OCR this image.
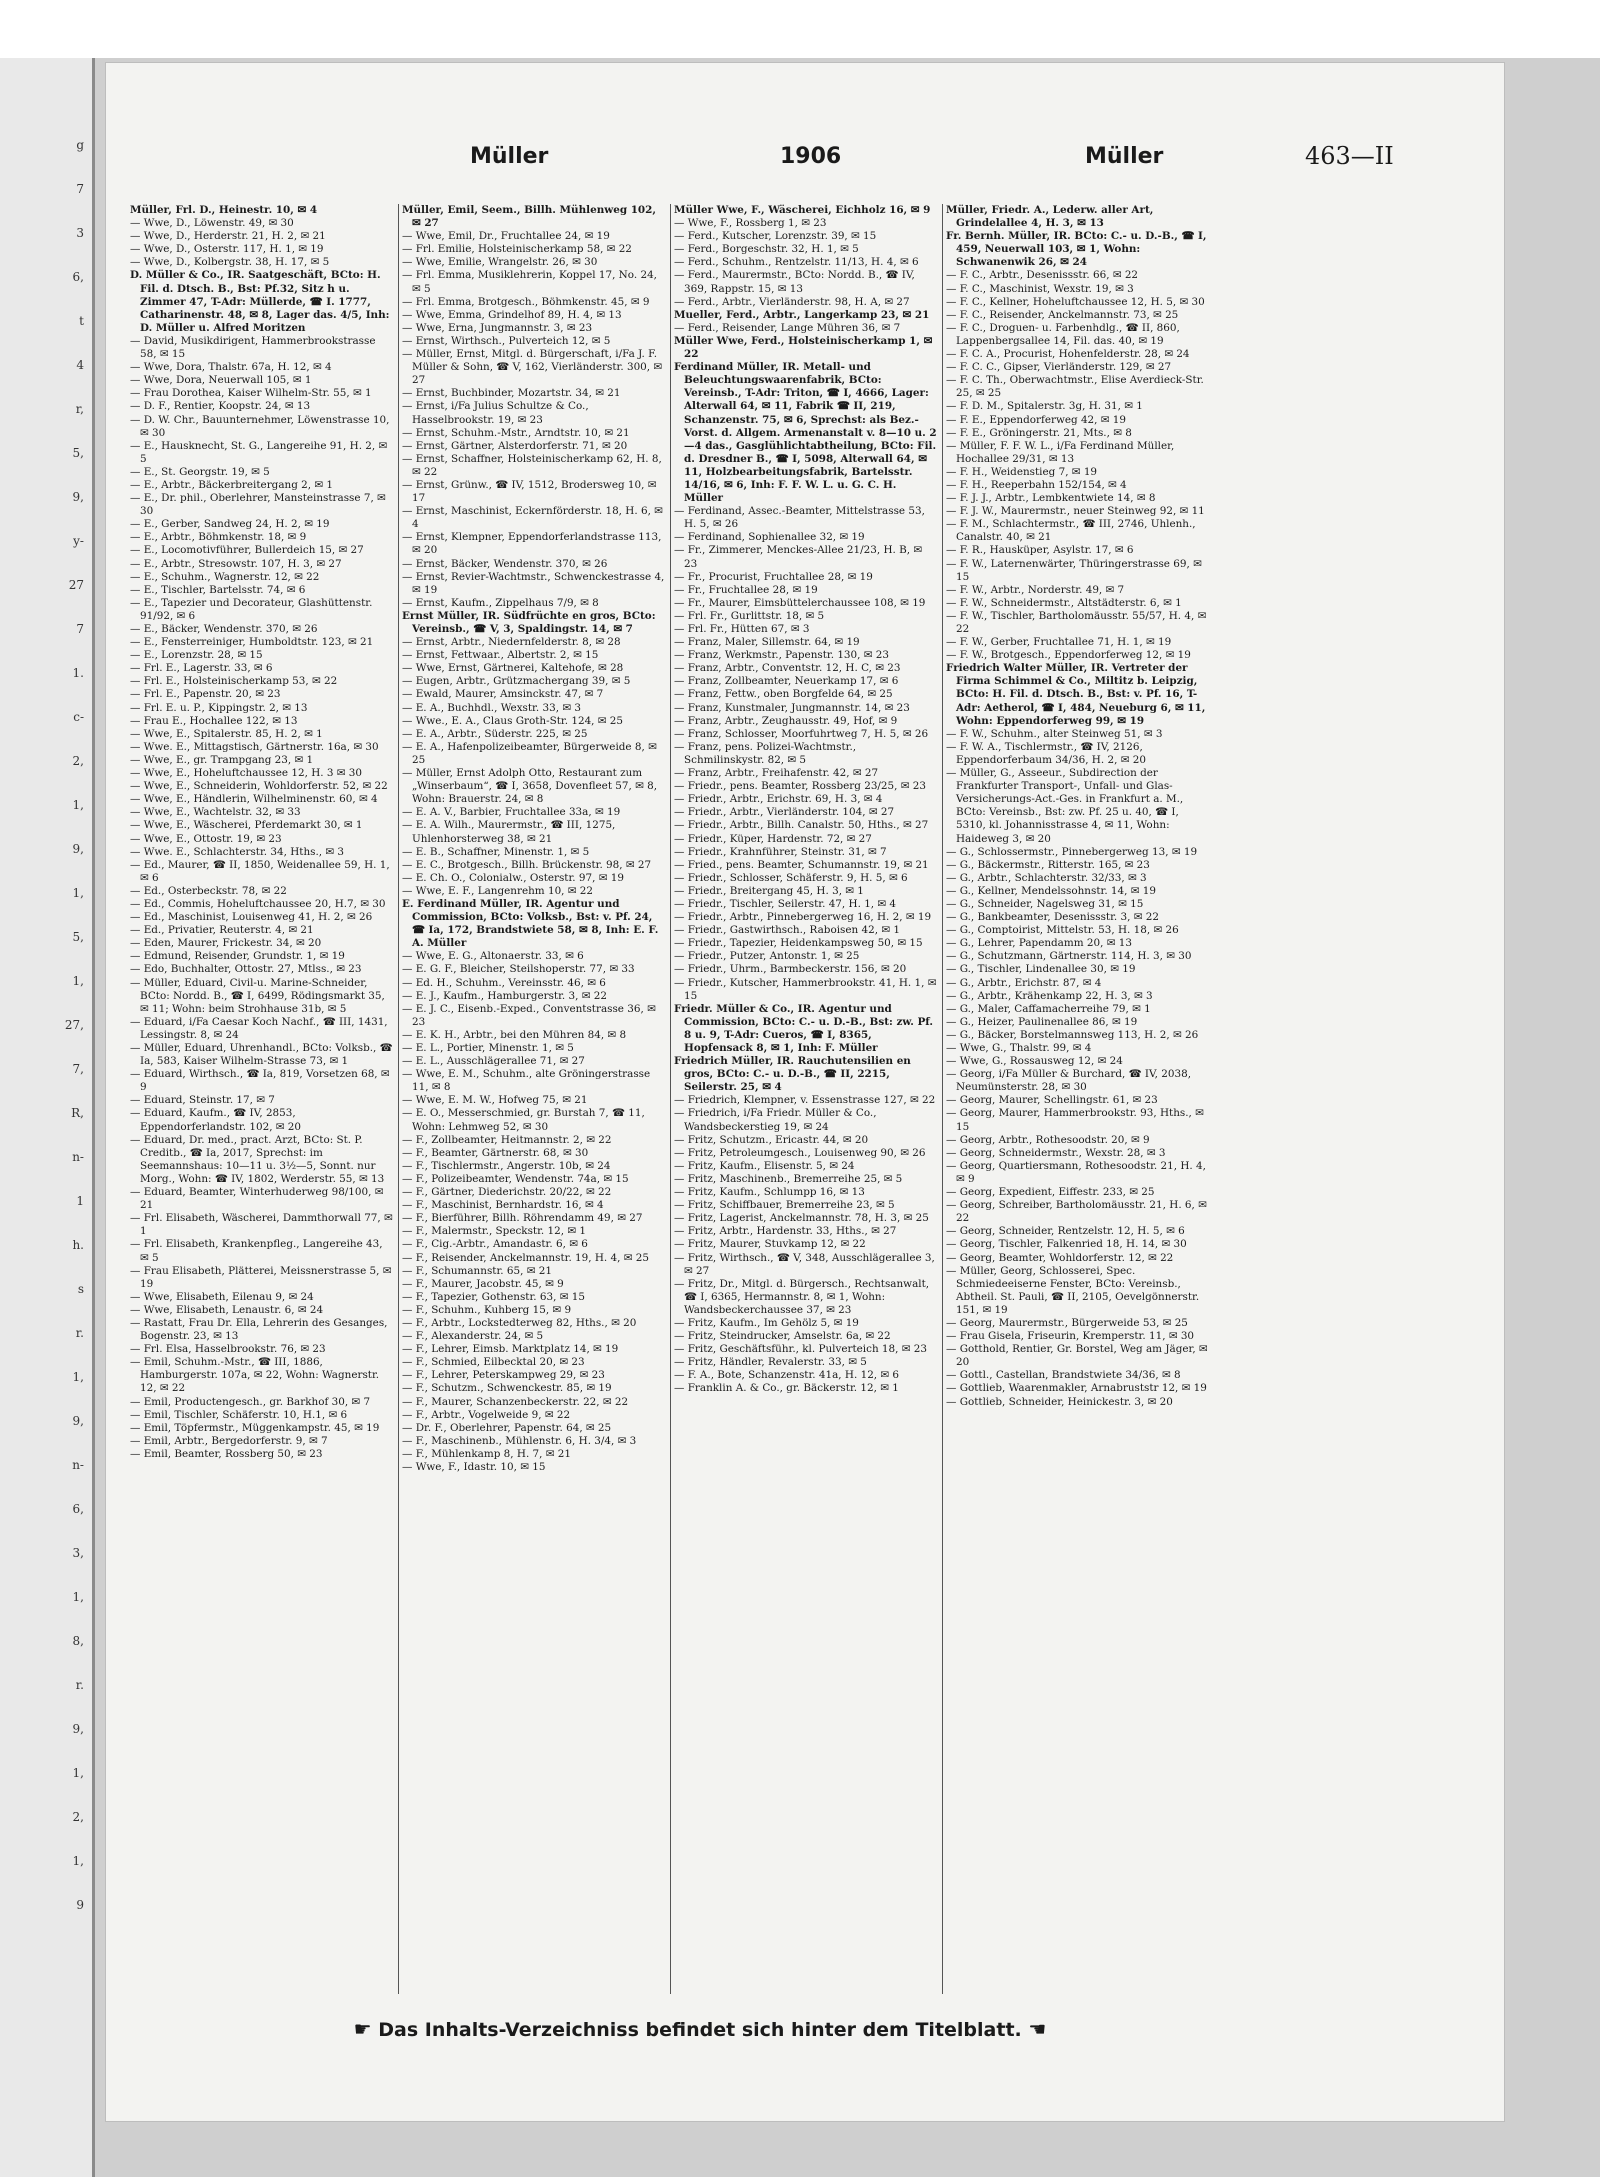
g
7
3
6,
t
4
r,
5,
9,
y-
27
7
1.
c-
2,
1,
9,
1,
5,
1,
27,
7,
R,
n-
1
h.
s
r.
1,
9,
n-
6,
3,
1,
8,
r.
9,
1,
2,
1,
9
Müller	1906	Müller	463—II

Müller, Frl. D., Heinestr. 10, ✉ 4

— Wwe, D., Löwenstr. 49, ✉ 30

— Wwe, D., Herderstr. 21, H. 2, ✉ 21

— Wwe, D., Osterstr. 117, H. 1, ✉ 19

— Wwe, D., Kolbergstr. 38, H. 17, ✉ 5

D. Müller & Co., IR. Saatgeschäft, BCto: H. Fil. d. Dtsch. B., Bst: Pf.32, Sitz h u. Zimmer 47, T-Adr: Müllerde, ☎ I. 1777, Catharinenstr. 48, ✉ 8, Lager das. 4/5, Inh: D. Müller u. Alfred Moritzen

— David, Musikdirigent, Hammerbrookstrasse 58, ✉ 15

— Wwe, Dora, Thalstr. 67a, H. 12, ✉ 4

— Wwe, Dora, Neuerwall 105, ✉ 1

— Frau Dorothea, Kaiser Wilhelm-Str. 55, ✉ 1

— D. F., Rentier, Koopstr. 24, ✉ 13

— D. W. Chr., Bauunternehmer, Löwenstrasse 10, ✉ 30

— E., Hausknecht, St. G., Langereihe 91, H. 2, ✉ 5

— E., St. Georgstr. 19, ✉ 5

— E., Arbtr., Bäckerbreitergang 2, ✉ 1

— E., Dr. phil., Oberlehrer, Mansteinstrasse 7, ✉ 30

— E., Gerber, Sandweg 24, H. 2, ✉ 19

— E., Arbtr., Böhmkenstr. 18, ✉ 9

— E., Locomotivführer, Bullerdeich 15, ✉ 27

— E., Arbtr., Stresowstr. 107, H. 3, ✉ 27

— E., Schuhm., Wagnerstr. 12, ✉ 22

— E., Tischler, Bartelsstr. 74, ✉ 6

— E., Tapezier und Decorateur, Glashüttenstr. 91/92, ✉ 6

— E., Bäcker, Wendenstr. 370, ✉ 26

— E., Fensterreiniger, Humboldtstr. 123, ✉ 21

— E., Lorenzstr. 28, ✉ 15

— Frl. E., Lagerstr. 33, ✉ 6

— Frl. E., Holsteinischerkamp 53, ✉ 22

— Frl. E., Papenstr. 20, ✉ 23

— Frl. E. u. P., Kippingstr. 2, ✉ 13

— Frau E., Hochallee 122, ✉ 13

— Wwe, E., Spitalerstr. 85, H. 2, ✉ 1

— Wwe. E., Mittagstisch, Gärtnerstr. 16a, ✉ 30

— Wwe, E., gr. Trampgang 23, ✉ 1

— Wwe, E., Hoheluftchaussee 12, H. 3 ✉ 30

— Wwe, E., Schneiderin, Wohldorferstr. 52, ✉ 22

— Wwe, E., Händlerin, Wilhelminenstr. 60, ✉ 4

— Wwe, E., Wachtelstr. 32, ✉ 33

— Wwe, E., Wäscherei, Pferdemarkt 30, ✉ 1

— Wwe, E., Ottostr. 19, ✉ 23

— Wwe. E., Schlachterstr. 34, Hths., ✉ 3

— Ed., Maurer, ☎ II, 1850, Weidenallee 59, H. 1, ✉ 6

— Ed., Osterbeckstr. 78, ✉ 22

— Ed., Commis, Hoheluftchaussee 20, H.7, ✉ 30

— Ed., Maschinist, Louisenweg 41, H. 2, ✉ 26

— Ed., Privatier, Reuterstr. 4, ✉ 21

— Eden, Maurer, Frickestr. 34, ✉ 20

— Edmund, Reisender, Grundstr. 1, ✉ 19

— Edo, Buchhalter, Ottostr. 27, Mtlss., ✉ 23

— Müller, Eduard, Civil-u. Marine-Schneider, BCto: Nordd. B., ☎ I, 6499, Rödingsmarkt 35, ✉ 11; Wohn: beim Strohhause 31b, ✉ 5

— Eduard, i/Fa Caesar Koch Nachf., ☎ III, 1431, Lessingstr. 8, ✉ 24

— Müller, Eduard, Uhrenhandl., BCto: Volksb., ☎ Ia, 583, Kaiser Wilhelm-Strasse 73, ✉ 1

— Eduard, Wirthsch., ☎ Ia, 819, Vorsetzen 68, ✉ 9

— Eduard, Steinstr. 17, ✉ 7

— Eduard, Kaufm., ☎ IV, 2853, Eppendorferlandstr. 102, ✉ 20

— Eduard, Dr. med., pract. Arzt, BCto: St. P. Creditb., ☎ Ia, 2017, Sprechst: im Seemannshaus: 10—11 u. 3½—5, Sonnt. nur Morg., Wohn: ☎ IV, 1802, Werderstr. 55, ✉ 13

— Eduard, Beamter, Winterhuderweg 98/100, ✉ 21

— Frl. Elisabeth, Wäscherei, Dammthorwall 77, ✉ 1

— Frl. Elisabeth, Krankenpfleg., Langereihe 43, ✉ 5

— Frau Elisabeth, Plätterei, Meissnerstrasse 5, ✉ 19

— Wwe, Elisabeth, Eilenau 9, ✉ 24

— Wwe, Elisabeth, Lenaustr. 6, ✉ 24

— Rastatt, Frau Dr. Ella, Lehrerin des Gesanges, Bogenstr. 23, ✉ 13

— Frl. Elsa, Hasselbrookstr. 76, ✉ 23

— Emil, Schuhm.-Mstr., ☎ III, 1886, Hamburgerstr. 107a, ✉ 22, Wohn: Wagnerstr. 12, ✉ 22

— Emil, Productengesch., gr. Barkhof 30, ✉ 7

— Emil, Tischler, Schäferstr. 10, H.1, ✉ 6

— Emil, Töpfermstr., Müggenkampstr. 45, ✉ 19

— Emil, Arbtr., Bergedorferstr. 9, ✉ 7

— Emil, Beamter, Rossberg 50, ✉ 23

Müller, Emil, Seem., Billh. Mühlenweg 102, ✉ 27

— Wwe, Emil, Dr., Fruchtallee 24, ✉ 19

— Frl. Emilie, Holsteinischerkamp 58, ✉ 22

— Wwe, Emilie, Wrangelstr. 26, ✉ 30

— Frl. Emma, Musiklehrerin, Koppel 17, No. 24, ✉ 5

— Frl. Emma, Brotgesch., Böhmkenstr. 45, ✉ 9

— Wwe, Emma, Grindelhof 89, H. 4, ✉ 13

— Wwe, Erna, Jungmannstr. 3, ✉ 23

— Ernst, Wirthsch., Pulverteich 12, ✉ 5

— Müller, Ernst, Mitgl. d. Bürgerschaft, i/Fa J. F. Müller & Sohn, ☎ V, 162, Vierländerstr. 300, ✉ 27

— Ernst, Buchbinder, Mozartstr. 34, ✉ 21

— Ernst, i/Fa Julius Schultze & Co., Hasselbrookstr. 19, ✉ 23

— Ernst, Schuhm.-Mstr., Arndtstr. 10, ✉ 21

— Ernst, Gärtner, Alsterdorferstr. 71, ✉ 20

— Ernst, Schaffner, Holsteinischerkamp 62, H. 8, ✉ 22

— Ernst, Grünw., ☎ IV, 1512, Brodersweg 10, ✉ 17

— Ernst, Maschinist, Eckernförderstr. 18, H. 6, ✉ 4

— Ernst, Klempner, Eppendorferlandstrasse 113, ✉ 20

— Ernst, Bäcker, Wendenstr. 370, ✉ 26

— Ernst, Revier-Wachtmstr., Schwenckestrasse 4, ✉ 19

— Ernst, Kaufm., Zippelhaus 7/9, ✉ 8

Ernst Müller, IR. Südfrüchte en gros, BCto: Vereinsb., ☎ V, 3, Spaldingstr. 14, ✉ 7

— Ernst, Arbtr., Niedernfelderstr. 8, ✉ 28

— Ernst, Fettwaar., Albertstr. 2, ✉ 15

— Wwe, Ernst, Gärtnerei, Kaltehofe, ✉ 28

— Eugen, Arbtr., Grützmachergang 39, ✉ 5

— Ewald, Maurer, Amsinckstr. 47, ✉ 7

— E. A., Buchhdl., Wexstr. 33, ✉ 3

— Wwe., E. A., Claus Groth-Str. 124, ✉ 25

— E. A., Arbtr., Süderstr. 225, ✉ 25

— E. A., Hafenpolizeibeamter, Bürgerweide 8, ✉ 25

— Müller, Ernst Adolph Otto, Restaurant zum „Winserbaum“, ☎ I, 3658, Dovenfleet 57, ✉ 8, Wohn: Brauerstr. 24, ✉ 8

— E. A. V., Barbier, Fruchtallee 33a, ✉ 19

— E. A. Wilh., Maurermstr., ☎ III, 1275, Uhlenhorsterweg 38, ✉ 21

— E. B., Schaffner, Minenstr. 1, ✉ 5

— E. C., Brotgesch., Billh. Brückenstr. 98, ✉ 27

— E. Ch. O., Colonialw., Osterstr. 97, ✉ 19

— Wwe, E. F., Langenrehm 10, ✉ 22

E. Ferdinand Müller, IR. Agentur und Commission, BCto: Volksb., Bst: v. Pf. 24, ☎ Ia, 172, Brandstwiete 58, ✉ 8, Inh: E. F. A. Müller

— Wwe, E. G., Altonaerstr. 33, ✉ 6

— E. G. F., Bleicher, Steilshoperstr. 77, ✉ 33

— Ed. H., Schuhm., Vereinsstr. 46, ✉ 6

— E. J., Kaufm., Hamburgerstr. 3, ✉ 22

— E. J. C., Eisenb.-Exped., Conventstrasse 36, ✉ 23

— E. K. H., Arbtr., bei den Mühren 84, ✉ 8

— E. L., Portier, Minenstr. 1, ✉ 5

— E. L., Ausschlägerallee 71, ✉ 27

— Wwe, E. M., Schuhm., alte Gröningerstrasse 11, ✉ 8

— Wwe, E. M. W., Hofweg 75, ✉ 21

— E. O., Messerschmied, gr. Burstah 7, ☎ 11, Wohn: Lehmweg 52, ✉ 30

— F., Zollbeamter, Heitmannstr. 2, ✉ 22

— F., Beamter, Gärtnerstr. 68, ✉ 30

— F., Tischlermstr., Angerstr. 10b, ✉ 24

— F., Polizeibeamter, Wendenstr. 74a, ✉ 15

— F., Gärtner, Diederichstr. 20/22, ✉ 22

— F., Maschinist, Bernhardstr. 16, ✉ 4

— F., Bierführer, Billh. Röhrendamm 49, ✉ 27

— F., Malermstr., Speckstr. 12, ✉ 1

— F., Cig.-Arbtr., Amandastr. 6, ✉ 6

— F., Reisender, Anckelmannstr. 19, H. 4, ✉ 25

— F., Schumannstr. 65, ✉ 21

— F., Maurer, Jacobstr. 45, ✉ 9

— F., Tapezier, Gothenstr. 63, ✉ 15

— F., Schuhm., Kuhberg 15, ✉ 9

— F., Arbtr., Lockstedterweg 82, Hths., ✉ 20

— F., Alexanderstr. 24, ✉ 5

— F., Lehrer, Eimsb. Marktplatz 14, ✉ 19

— F., Schmied, Eilbecktal 20, ✉ 23

— F., Lehrer, Peterskampweg 29, ✉ 23

— F., Schutzm., Schwenckestr. 85, ✉ 19

— F., Maurer, Schanzenbeckerstr. 22, ✉ 22

— F., Arbtr., Vogelweide 9, ✉ 22

— Dr. F., Oberlehrer, Papenstr. 64, ✉ 25

— F., Maschinenb., Mühlenstr. 6, H. 3/4, ✉ 3

— F., Mühlenkamp 8, H. 7, ✉ 21

— Wwe, F., Idastr. 10, ✉ 15

Müller Wwe, F., Wäscherei, Eichholz 16, ✉ 9

— Wwe, F., Rossberg 1, ✉ 23

— Ferd., Kutscher, Lorenzstr. 39, ✉ 15

— Ferd., Borgeschstr. 32, H. 1, ✉ 5

— Ferd., Schuhm., Rentzelstr. 11/13, H. 4, ✉ 6

— Ferd., Maurermstr., BCto: Nordd. B., ☎ IV, 369, Rappstr. 15, ✉ 13

— Ferd., Arbtr., Vierländerstr. 98, H. A, ✉ 27

Mueller, Ferd., Arbtr., Langerkamp 23, ✉ 21

— Ferd., Reisender, Lange Mühren 36, ✉ 7

Müller Wwe, Ferd., Holsteinischerkamp 1, ✉ 22

Ferdinand Müller, IR. Metall- und Beleuchtungswaarenfabrik, BCto: Vereinsb., T-Adr: Triton, ☎ I, 4666, Lager: Alterwall 64, ✉ 11, Fabrik ☎ II, 219, Schanzenstr. 75, ✉ 6, Sprechst: als Bez.-Vorst. d. Allgem. Armenanstalt v. 8—10 u. 2—4 das., Gasglühlichtabtheilung, BCto: Fil. d. Dresdner B., ☎ I, 5098, Alterwall 64, ✉ 11, Holzbearbeitungsfabrik, Bartelsstr. 14/16, ✉ 6, Inh: F. F. W. L. u. G. C. H. Müller

— Ferdinand, Assec.-Beamter, Mittelstrasse 53, H. 5, ✉ 26

— Ferdinand, Sophienallee 32, ✉ 19

— Fr., Zimmerer, Menckes-Allee 21/23, H. B, ✉ 23

— Fr., Procurist, Fruchtallee 28, ✉ 19

— Fr., Fruchtallee 28, ✉ 19

— Fr., Maurer, Eimsbüttelerchaussee 108, ✉ 19

— Frl. Fr., Gurlittstr. 18, ✉ 5

— Frl. Fr., Hütten 67, ✉ 3

— Franz, Maler, Sillemstr. 64, ✉ 19

— Franz, Werkmstr., Papenstr. 130, ✉ 23

— Franz, Arbtr., Conventstr. 12, H. C, ✉ 23

— Franz, Zollbeamter, Neuerkamp 17, ✉ 6

— Franz, Fettw., oben Borgfelde 64, ✉ 25

— Franz, Kunstmaler, Jungmannstr. 14, ✉ 23

— Franz, Arbtr., Zeughausstr. 49, Hof, ✉ 9

— Franz, Schlosser, Moorfuhrtweg 7, H. 5, ✉ 26

— Franz, pens. Polizei-Wachtmstr., Schmilinskystr. 82, ✉ 5

— Franz, Arbtr., Freihafenstr. 42, ✉ 27

— Friedr., pens. Beamter, Rossberg 23/25, ✉ 23

— Friedr., Arbtr., Erichstr. 69, H. 3, ✉ 4

— Friedr., Arbtr., Vierländerstr. 104, ✉ 27

— Friedr., Arbtr., Billh. Canalstr. 50, Hths., ✉ 27

— Friedr., Küper, Hardenstr. 72, ✉ 27

— Friedr., Krahnführer, Steinstr. 31, ✉ 7

— Fried., pens. Beamter, Schumannstr. 19, ✉ 21

— Friedr., Schlosser, Schäferstr. 9, H. 5, ✉ 6

— Friedr., Breitergang 45, H. 3, ✉ 1

— Friedr., Tischler, Seilerstr. 47, H. 1, ✉ 4

— Friedr., Arbtr., Pinnebergerweg 16, H. 2, ✉ 19

— Friedr., Gastwirthsch., Raboisen 42, ✉ 1

— Friedr., Tapezier, Heidenkampsweg 50, ✉ 15

— Friedr., Putzer, Antonstr. 1, ✉ 25

— Friedr., Uhrm., Barmbeckerstr. 156, ✉ 20

— Friedr., Kutscher, Hammerbrookstr. 41, H. 1, ✉ 15

Friedr. Müller & Co., IR. Agentur und Commission, BCto: C.- u. D.-B., Bst: zw. Pf. 8 u. 9, T-Adr: Cueros, ☎ I, 8365, Hopfensack 8, ✉ 1, Inh: F. Müller

Friedrich Müller, IR. Rauchutensilien en gros, BCto: C.- u. D.-B., ☎ II, 2215, Seilerstr. 25, ✉ 4

— Friedrich, Klempner, v. Essenstrasse 127, ✉ 22

— Friedrich, i/Fa Friedr. Müller & Co., Wandsbeckerstieg 19, ✉ 24

— Fritz, Schutzm., Ericastr. 44, ✉ 20

— Fritz, Petroleumgesch., Louisenweg 90, ✉ 26

— Fritz, Kaufm., Elisenstr. 5, ✉ 24

— Fritz, Maschinenb., Bremerreihe 25, ✉ 5

— Fritz, Kaufm., Schlumpp 16, ✉ 13

— Fritz, Schiffbauer, Bremerreihe 23, ✉ 5

— Fritz, Lagerist, Anckelmannstr. 78, H. 3, ✉ 25

— Fritz, Arbtr., Hardenstr. 33, Hths., ✉ 27

— Fritz, Maurer, Stuvkamp 12, ✉ 22

— Fritz, Wirthsch., ☎ V, 348, Ausschlägerallee 3, ✉ 27

— Fritz, Dr., Mitgl. d. Bürgersch., Rechtsanwalt, ☎ I, 6365, Hermannstr. 8, ✉ 1, Wohn: Wandsbeckerchaussee 37, ✉ 23

— Fritz, Kaufm., Im Gehölz 5, ✉ 19

— Fritz, Steindrucker, Amselstr. 6a, ✉ 22

— Fritz, Geschäftsführ., kl. Pulverteich 18, ✉ 23

— Fritz, Händler, Revalerstr. 33, ✉ 5

— F. A., Bote, Schanzenstr. 41a, H. 12, ✉ 6

— Franklin A. & Co., gr. Bäckerstr. 12, ✉ 1

Müller, Friedr. A., Lederw. aller Art, Grindelallee 4, H. 3, ✉ 13

Fr. Bernh. Müller, IR. BCto: C.- u. D.-B., ☎ I, 459, Neuerwall 103, ✉ 1, Wohn: Schwanenwik 26, ✉ 24

— F. C., Arbtr., Desenissstr. 66, ✉ 22

— F. C., Maschinist, Wexstr. 19, ✉ 3

— F. C., Kellner, Hoheluftchaussee 12, H. 5, ✉ 30

— F. C., Reisender, Anckelmannstr. 73, ✉ 25

— F. C., Droguen- u. Farbenhdlg., ☎ II, 860, Lappenbergsallee 14, Fil. das. 40, ✉ 19

— F. C. A., Procurist, Hohenfelderstr. 28, ✉ 24

— F. C. C., Gipser, Vierländerstr. 129, ✉ 27

— F. C. Th., Oberwachtmstr., Elise Averdieck-Str. 25, ✉ 25

— F. D. M., Spitalerstr. 3g, H. 31, ✉ 1

— F. E., Eppendorferweg 42, ✉ 19

— F. E., Gröningerstr. 21, Mts., ✉ 8

— Müller, F. F. W. L., i/Fa Ferdinand Müller, Hochallee 29/31, ✉ 13

— F. H., Weidenstieg 7, ✉ 19

— F. H., Reeperbahn 152/154, ✉ 4

— F. J. J., Arbtr., Lembkentwiete 14, ✉ 8

— F. J. W., Maurermstr., neuer Steinweg 92, ✉ 11

— F. M., Schlachtermstr., ☎ III, 2746, Uhlenh., Canalstr. 40, ✉ 21

— F. R., Hausküper, Asylstr. 17, ✉ 6

— F. W., Laternenwärter, Thüringerstrasse 69, ✉ 15

— F. W., Arbtr., Norderstr. 49, ✉ 7

— F. W., Schneidermstr., Altstädterstr. 6, ✉ 1

— F. W., Tischler, Bartholomäusstr. 55/57, H. 4, ✉ 22

— F. W., Gerber, Fruchtallee 71, H. 1, ✉ 19

— F. W., Brotgesch., Eppendorferweg 12, ✉ 19

Friedrich Walter Müller, IR. Vertreter der Firma Schimmel & Co., Miltitz b. Leipzig, BCto: H. Fil. d. Dtsch. B., Bst: v. Pf. 16, T-Adr: Aetherol, ☎ I, 484, Neueburg 6, ✉ 11, Wohn: Eppendorferweg 99, ✉ 19

— F. W., Schuhm., alter Steinweg 51, ✉ 3

— F. W. A., Tischlermstr., ☎ IV, 2126, Eppendorferbaum 34/36, H. 2, ✉ 20

— Müller, G., Asseeur., Subdirection der Frankfurter Transport-, Unfall- und Glas-Versicherungs-Act.-Ges. in Frankfurt a. M., BCto: Vereinsb., Bst: zw. Pf. 25 u. 40, ☎ I, 5310, kl. Johannisstrasse 4, ✉ 11, Wohn: Haideweg 3, ✉ 20

— G., Schlossermstr., Pinnebergerweg 13, ✉ 19

— G., Bäckermstr., Ritterstr. 165, ✉ 23

— G., Arbtr., Schlachterstr. 32/33, ✉ 3

— G., Kellner, Mendelssohnstr. 14, ✉ 19

— G., Schneider, Nagelsweg 31, ✉ 15

— G., Bankbeamter, Desenissstr. 3, ✉ 22

— G., Comptoirist, Mittelstr. 53, H. 18, ✉ 26

— G., Lehrer, Papendamm 20, ✉ 13

— G., Schutzmann, Gärtnerstr. 114, H. 3, ✉ 30

— G., Tischler, Lindenallee 30, ✉ 19

— G., Arbtr., Erichstr. 87, ✉ 4

— G., Arbtr., Krähenkamp 22, H. 3, ✉ 3

— G., Maler, Caffamacherreihe 79, ✉ 1

— G., Heizer, Paulinenallee 86, ✉ 19

— G., Bäcker, Borstelmannsweg 113, H. 2, ✉ 26

— Wwe, G., Thalstr. 99, ✉ 4

— Wwe, G., Rossausweg 12, ✉ 24

— Georg, i/Fa Müller & Burchard, ☎ IV, 2038, Neumünsterstr. 28, ✉ 30

— Georg, Maurer, Schellingstr. 61, ✉ 23

— Georg, Maurer, Hammerbrookstr. 93, Hths., ✉ 15

— Georg, Arbtr., Rothesoodstr. 20, ✉ 9

— Georg, Schneidermstr., Wexstr. 28, ✉ 3

— Georg, Quartiersmann, Rothesoodstr. 21, H. 4, ✉ 9

— Georg, Expedient, Eiffestr. 233, ✉ 25

— Georg, Schreiber, Bartholomäusstr. 21, H. 6, ✉ 22

— Georg, Schneider, Rentzelstr. 12, H. 5, ✉ 6

— Georg, Tischler, Falkenried 18, H. 14, ✉ 30

— Georg, Beamter, Wohldorferstr. 12, ✉ 22

— Müller, Georg, Schlosserei, Spec. Schmiedeeiserne Fenster, BCto: Vereinsb., Abtheil. St. Pauli, ☎ II, 2105, Oevelgönnerstr. 151, ✉ 19

— Georg, Maurermstr., Bürgerweide 53, ✉ 25

— Frau Gisela, Friseurin, Kremperstr. 11, ✉ 30

— Gotthold, Rentier, Gr. Borstel, Weg am Jäger, ✉ 20

— Gottl., Castellan, Brandstwiete 34/36, ✉ 8

— Gottlieb, Waarenmakler, Arnabruststr 12, ✉ 19

— Gottlieb, Schneider, Heinickestr. 3, ✉ 20

☛ Das Inhalts-Verzeichniss befindet sich hinter dem Titelblatt. ☚
